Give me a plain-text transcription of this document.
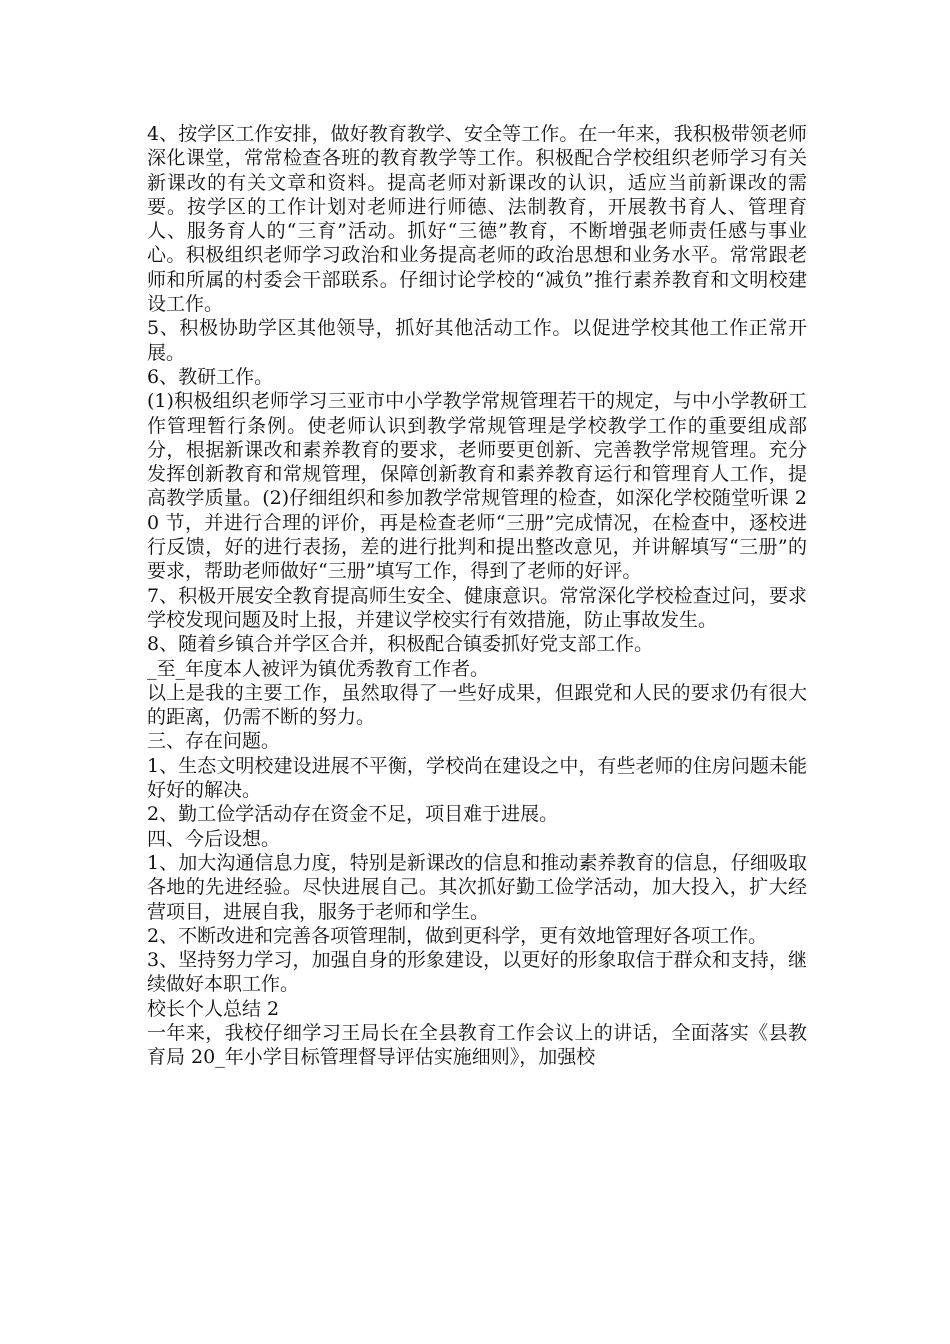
4、按学区工作安排，做好教育教学、安全等工作。在一年来，我积极带领老师深化课堂，常常检查各班的教育教学等工作。积极配合学校组织老师学习有关新课改的有关文章和资料。提高老师对新课改的认识，适应当前新课改的需要。按学区的工作计划对老师进行师德、法制教育，开展教书育人、管理育人、服务育人的“三育”活动。抓好“三德”教育，不断增强老师责任感与事业心。积极组织老师学习政治和业务提高老师的政治思想和业务水平。常常跟老师和所属的村委会干部联系。仔细讨论学校的“减负”推行素养教育和文明校建设工作。

5、积极协助学区其他领导，抓好其他活动工作。以促进学校其他工作正常开展。

6、教研工作。

(1)积极组织老师学习三亚市中小学教学常规管理若干的规定，与中小学教研工作管理暂行条例。使老师认识到教学常规管理是学校教学工作的重要组成部分，根据新课改和素养教育的要求，老师要更创新、完善教学常规管理。充分发挥创新教育和常规管理，保障创新教育和素养教育运行和管理育人工作，提高教学质量。(2)仔细组织和参加教学常规管理的检查，如深化学校随堂听课 20 节，并进行合理的评价，再是检查老师“三册”完成情况，在检查中，逐校进行反馈，好的进行表扬，差的进行批判和提出整改意见，并讲解填写“三册”的要求，帮助老师做好“三册”填写工作，得到了老师的好评。

7、积极开展安全教育提高师生安全、健康意识。常常深化学校检查过问，要求学校发现问题及时上报，并建议学校实行有效措施，防止事故发生。

8、随着乡镇合并学区合并，积极配合镇委抓好党支部工作。

_至_年度本人被评为镇优秀教育工作者。

以上是我的主要工作，虽然取得了一些好成果，但跟党和人民的要求仍有很大的距离，仍需不断的努力。

三、存在问题。

1、生态文明校建设进展不平衡，学校尚在建设之中，有些老师的住房问题未能好好的解决。

2、勤工俭学活动存在资金不足，项目难于进展。

四、今后设想。

1、加大沟通信息力度，特别是新课改的信息和推动素养教育的信息，仔细吸取各地的先进经验。尽快进展自己。其次抓好勤工俭学活动，加大投入，扩大经营项目，进展自我，服务于老师和学生。

2、不断改进和完善各项管理制，做到更科学，更有效地管理好各项工作。

3、坚持努力学习，加强自身的形象建设，以更好的形象取信于群众和支持，继续做好本职工作。

校长个人总结 2

一年来，我校仔细学习王局长在全县教育工作会议上的讲话，全面落实《县教育局 20_年小学目标管理督导评估实施细则》，加强校
